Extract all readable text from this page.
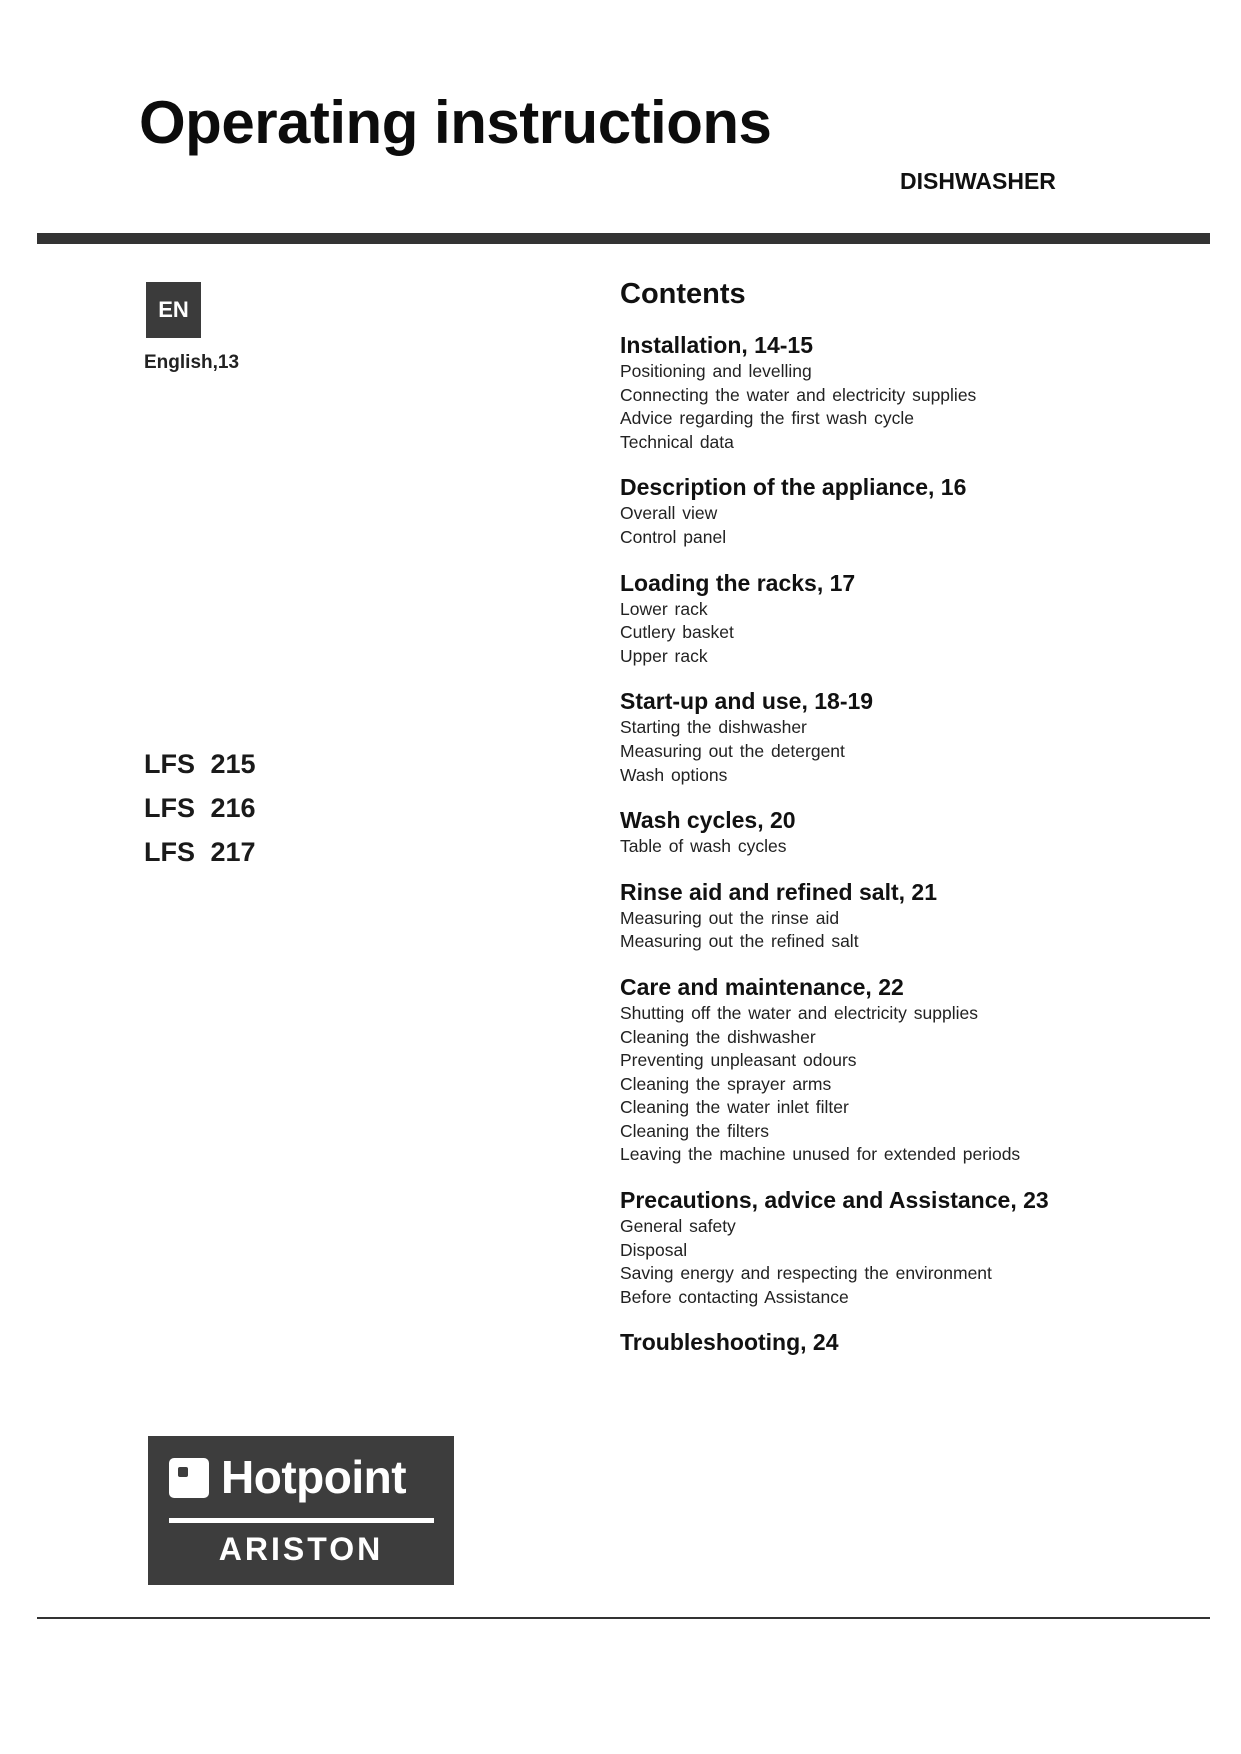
Operating instructions
DISHWASHER
EN
English,13
LFS 215
LFS 216
LFS 217
Contents
Installation, 14-15
Positioning and levelling
Connecting the water and electricity supplies
Advice regarding the first wash cycle
Technical data
Description of the appliance, 16
Overall view
Control panel
Loading the racks, 17
Lower rack
Cutlery basket
Upper rack
Start-up and use, 18-19
Starting the dishwasher
Measuring out the detergent
Wash options
Wash cycles, 20
Table of wash cycles
Rinse aid and refined salt, 21
Measuring out the rinse aid
Measuring out the refined salt
Care and maintenance, 22
Shutting off the water and electricity supplies
Cleaning the dishwasher
Preventing unpleasant odours
Cleaning the sprayer arms
Cleaning the water inlet filter
Cleaning the filters
Leaving the machine unused for extended periods
Precautions, advice and Assistance, 23
General safety
Disposal
Saving energy and respecting the environment
Before contacting Assistance
Troubleshooting, 24
Hotpoint
ARISTON
